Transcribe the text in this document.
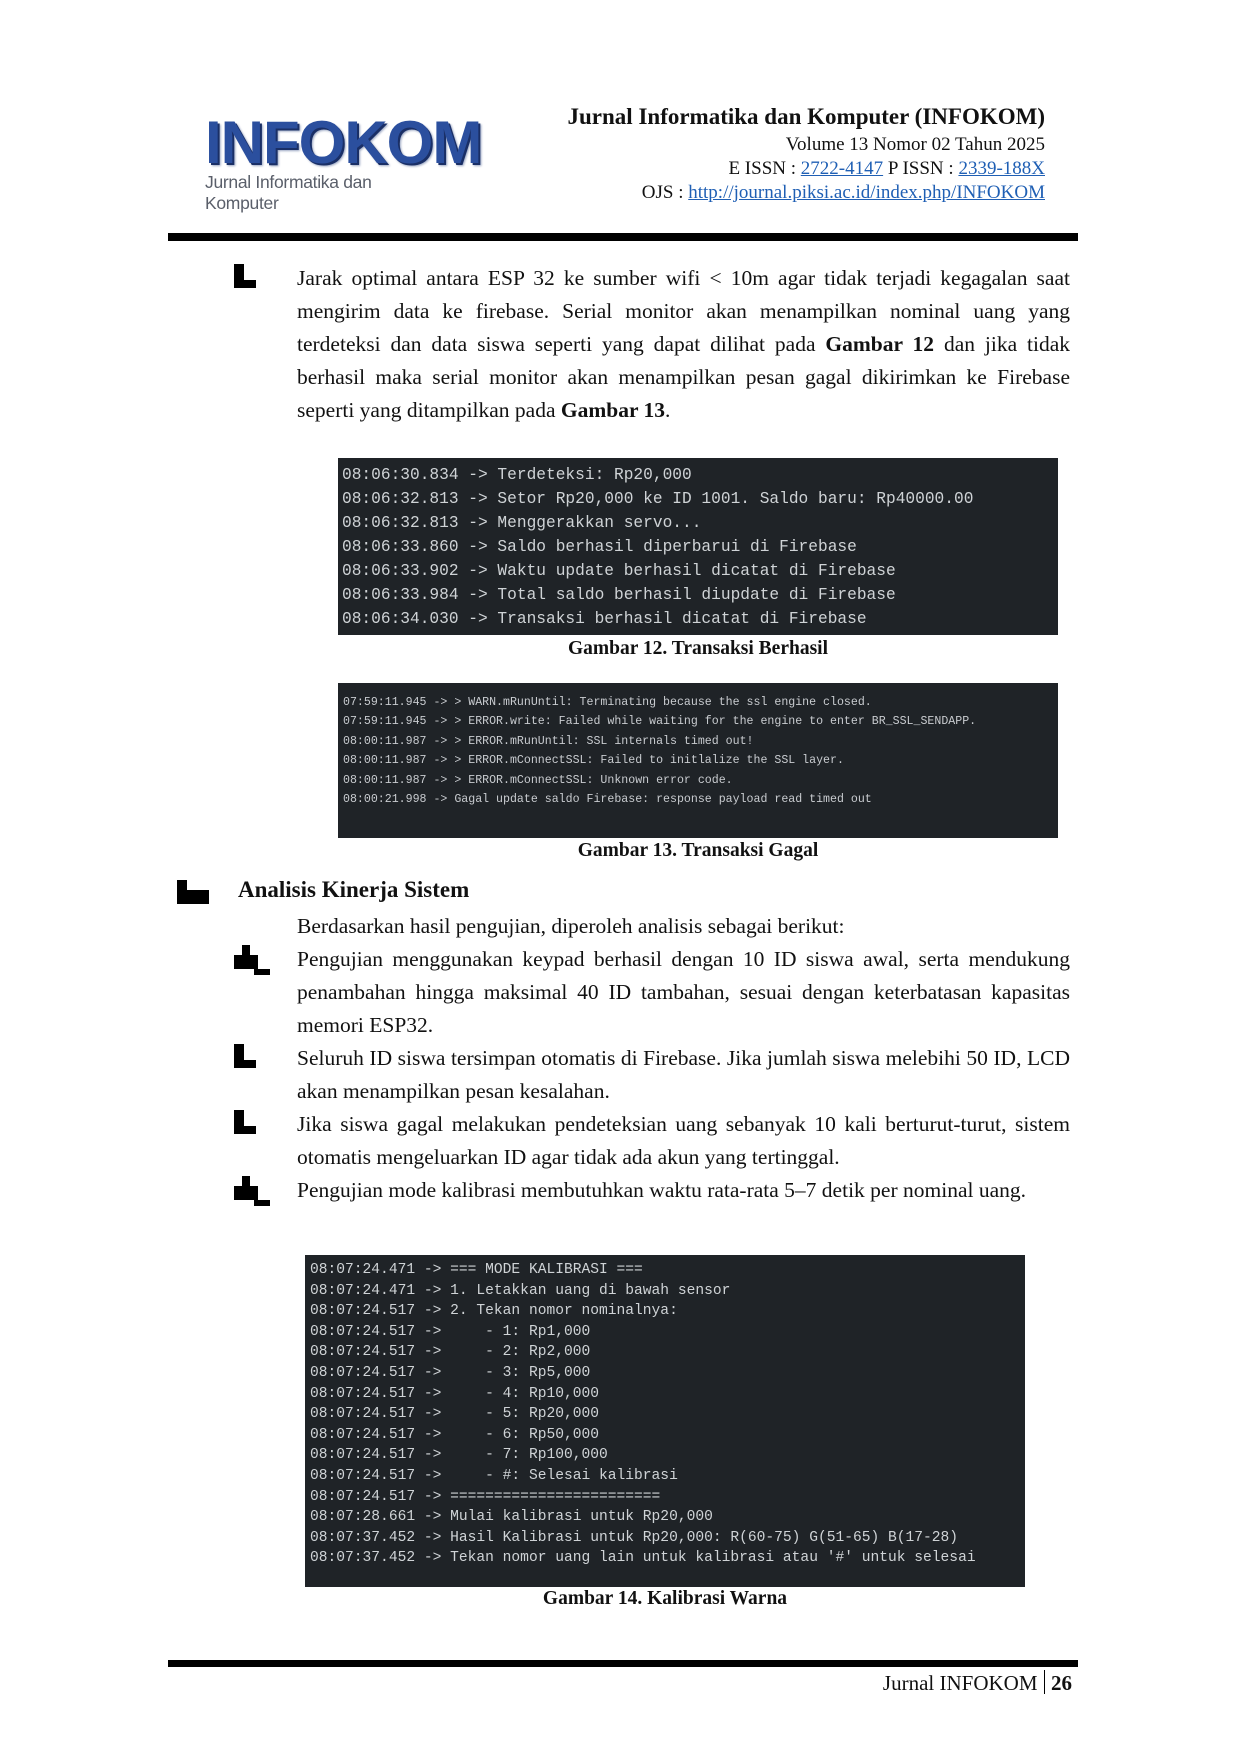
INFOKOM
Jurnal Informatika dan Komputer
Jurnal Informatika dan Komputer (INFOKOM)
Volume 13 Nomor 02 Tahun 2025
E ISSN : 2722-4147 P ISSN : 2339-188X
OJS : http://journal.piksi.ac.id/index.php/INFOKOM
Jarak optimal antara ESP 32 ke sumber wifi < 10m agar tidak terjadi kegagalan saat mengirim data ke firebase. Serial monitor akan menampilkan nominal uang yang terdeteksi dan data siswa seperti yang dapat dilihat pada Gambar 12 dan jika tidak berhasil maka serial monitor akan menampilkan pesan gagal dikirimkan ke Firebase seperti yang ditampilkan pada Gambar 13.
08:06:30.834 -> Terdeteksi: Rp20,000
08:06:32.813 -> Setor Rp20,000 ke ID 1001. Saldo baru: Rp40000.00
08:06:32.813 -> Menggerakkan servo...
08:06:33.860 -> Saldo berhasil diperbarui di Firebase
08:06:33.902 -> Waktu update berhasil dicatat di Firebase
08:06:33.984 -> Total saldo berhasil diupdate di Firebase
08:06:34.030 -> Transaksi berhasil dicatat di Firebase
Gambar 12. Transaksi Berhasil
07:59:11.945 -> > WARN.mRunUntil: Terminating because the ssl engine closed.
07:59:11.945 -> > ERROR.write: Failed while waiting for the engine to enter BR_SSL_SENDAPP.
08:00:11.987 -> > ERROR.mRunUntil: SSL internals timed out!
08:00:11.987 -> > ERROR.mConnectSSL: Failed to initlalize the SSL layer.
08:00:11.987 -> > ERROR.mConnectSSL: Unknown error code.
08:00:21.998 -> Gagal update saldo Firebase: response payload read timed out
Gambar 13. Transaksi Gagal
Analisis Kinerja Sistem
Berdasarkan hasil pengujian, diperoleh analisis sebagai berikut:
Pengujian menggunakan keypad berhasil dengan 10 ID siswa awal, serta mendukung penambahan hingga maksimal 40 ID tambahan, sesuai dengan keterbatasan kapasitas memori ESP32.
Seluruh ID siswa tersimpan otomatis di Firebase. Jika jumlah siswa melebihi 50 ID, LCD akan menampilkan pesan kesalahan.
Jika siswa gagal melakukan pendeteksian uang sebanyak 10 kali berturut-turut, sistem otomatis mengeluarkan ID agar tidak ada akun yang tertinggal.
Pengujian mode kalibrasi membutuhkan waktu rata-rata 5–7 detik per nominal uang.
08:07:24.471 -> === MODE KALIBRASI ===
08:07:24.471 -> 1. Letakkan uang di bawah sensor
08:07:24.517 -> 2. Tekan nomor nominalnya:
08:07:24.517 ->     - 1: Rp1,000
08:07:24.517 ->     - 2: Rp2,000
08:07:24.517 ->     - 3: Rp5,000
08:07:24.517 ->     - 4: Rp10,000
08:07:24.517 ->     - 5: Rp20,000
08:07:24.517 ->     - 6: Rp50,000
08:07:24.517 ->     - 7: Rp100,000
08:07:24.517 ->     - #: Selesai kalibrasi
08:07:24.517 -> ========================
08:07:28.661 -> Mulai kalibrasi untuk Rp20,000
08:07:37.452 -> Hasil Kalibrasi untuk Rp20,000: R(60-75) G(51-65) B(17-28)
08:07:37.452 -> Tekan nomor uang lain untuk kalibrasi atau '#' untuk selesai
Gambar 14. Kalibrasi Warna
Jurnal INFOKOM 26
